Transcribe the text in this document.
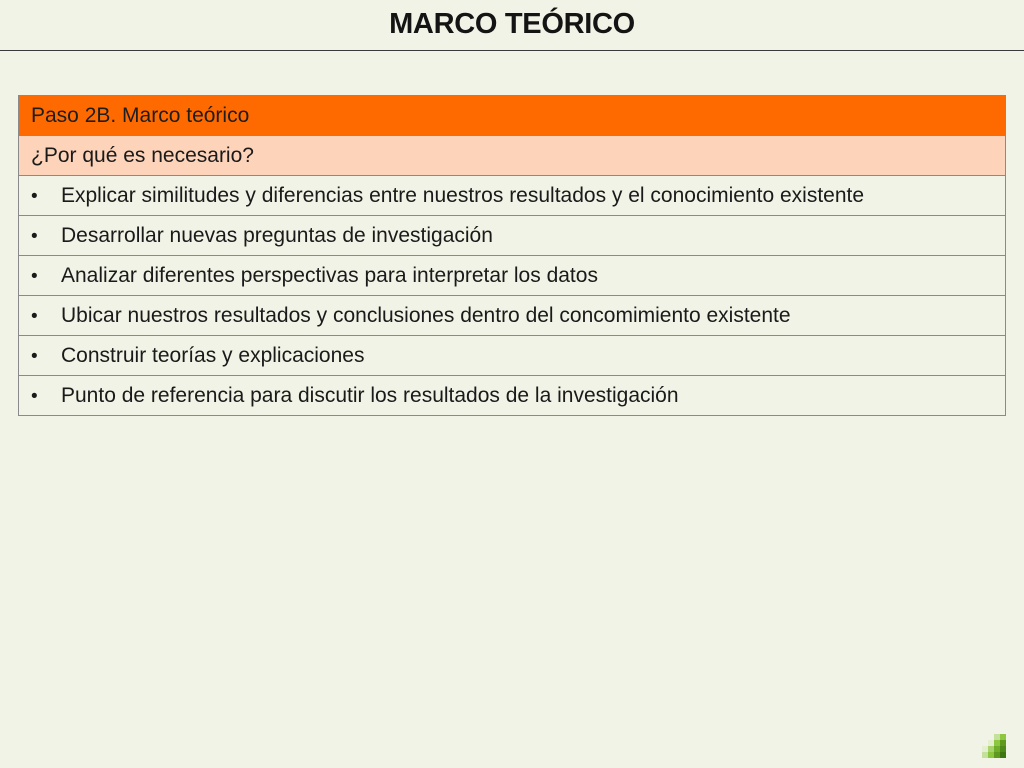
MARCO TEÓRICO
Paso 2B. Marco teórico
¿Por qué es necesario?
• Explicar similitudes y diferencias entre nuestros resultados y el conocimiento existente
• Desarrollar nuevas preguntas de investigación
• Analizar diferentes perspectivas para interpretar los datos
• Ubicar nuestros resultados y conclusiones dentro del concomimiento existente
• Construir teorías y explicaciones
• Punto de referencia para discutir los resultados de la investigación
